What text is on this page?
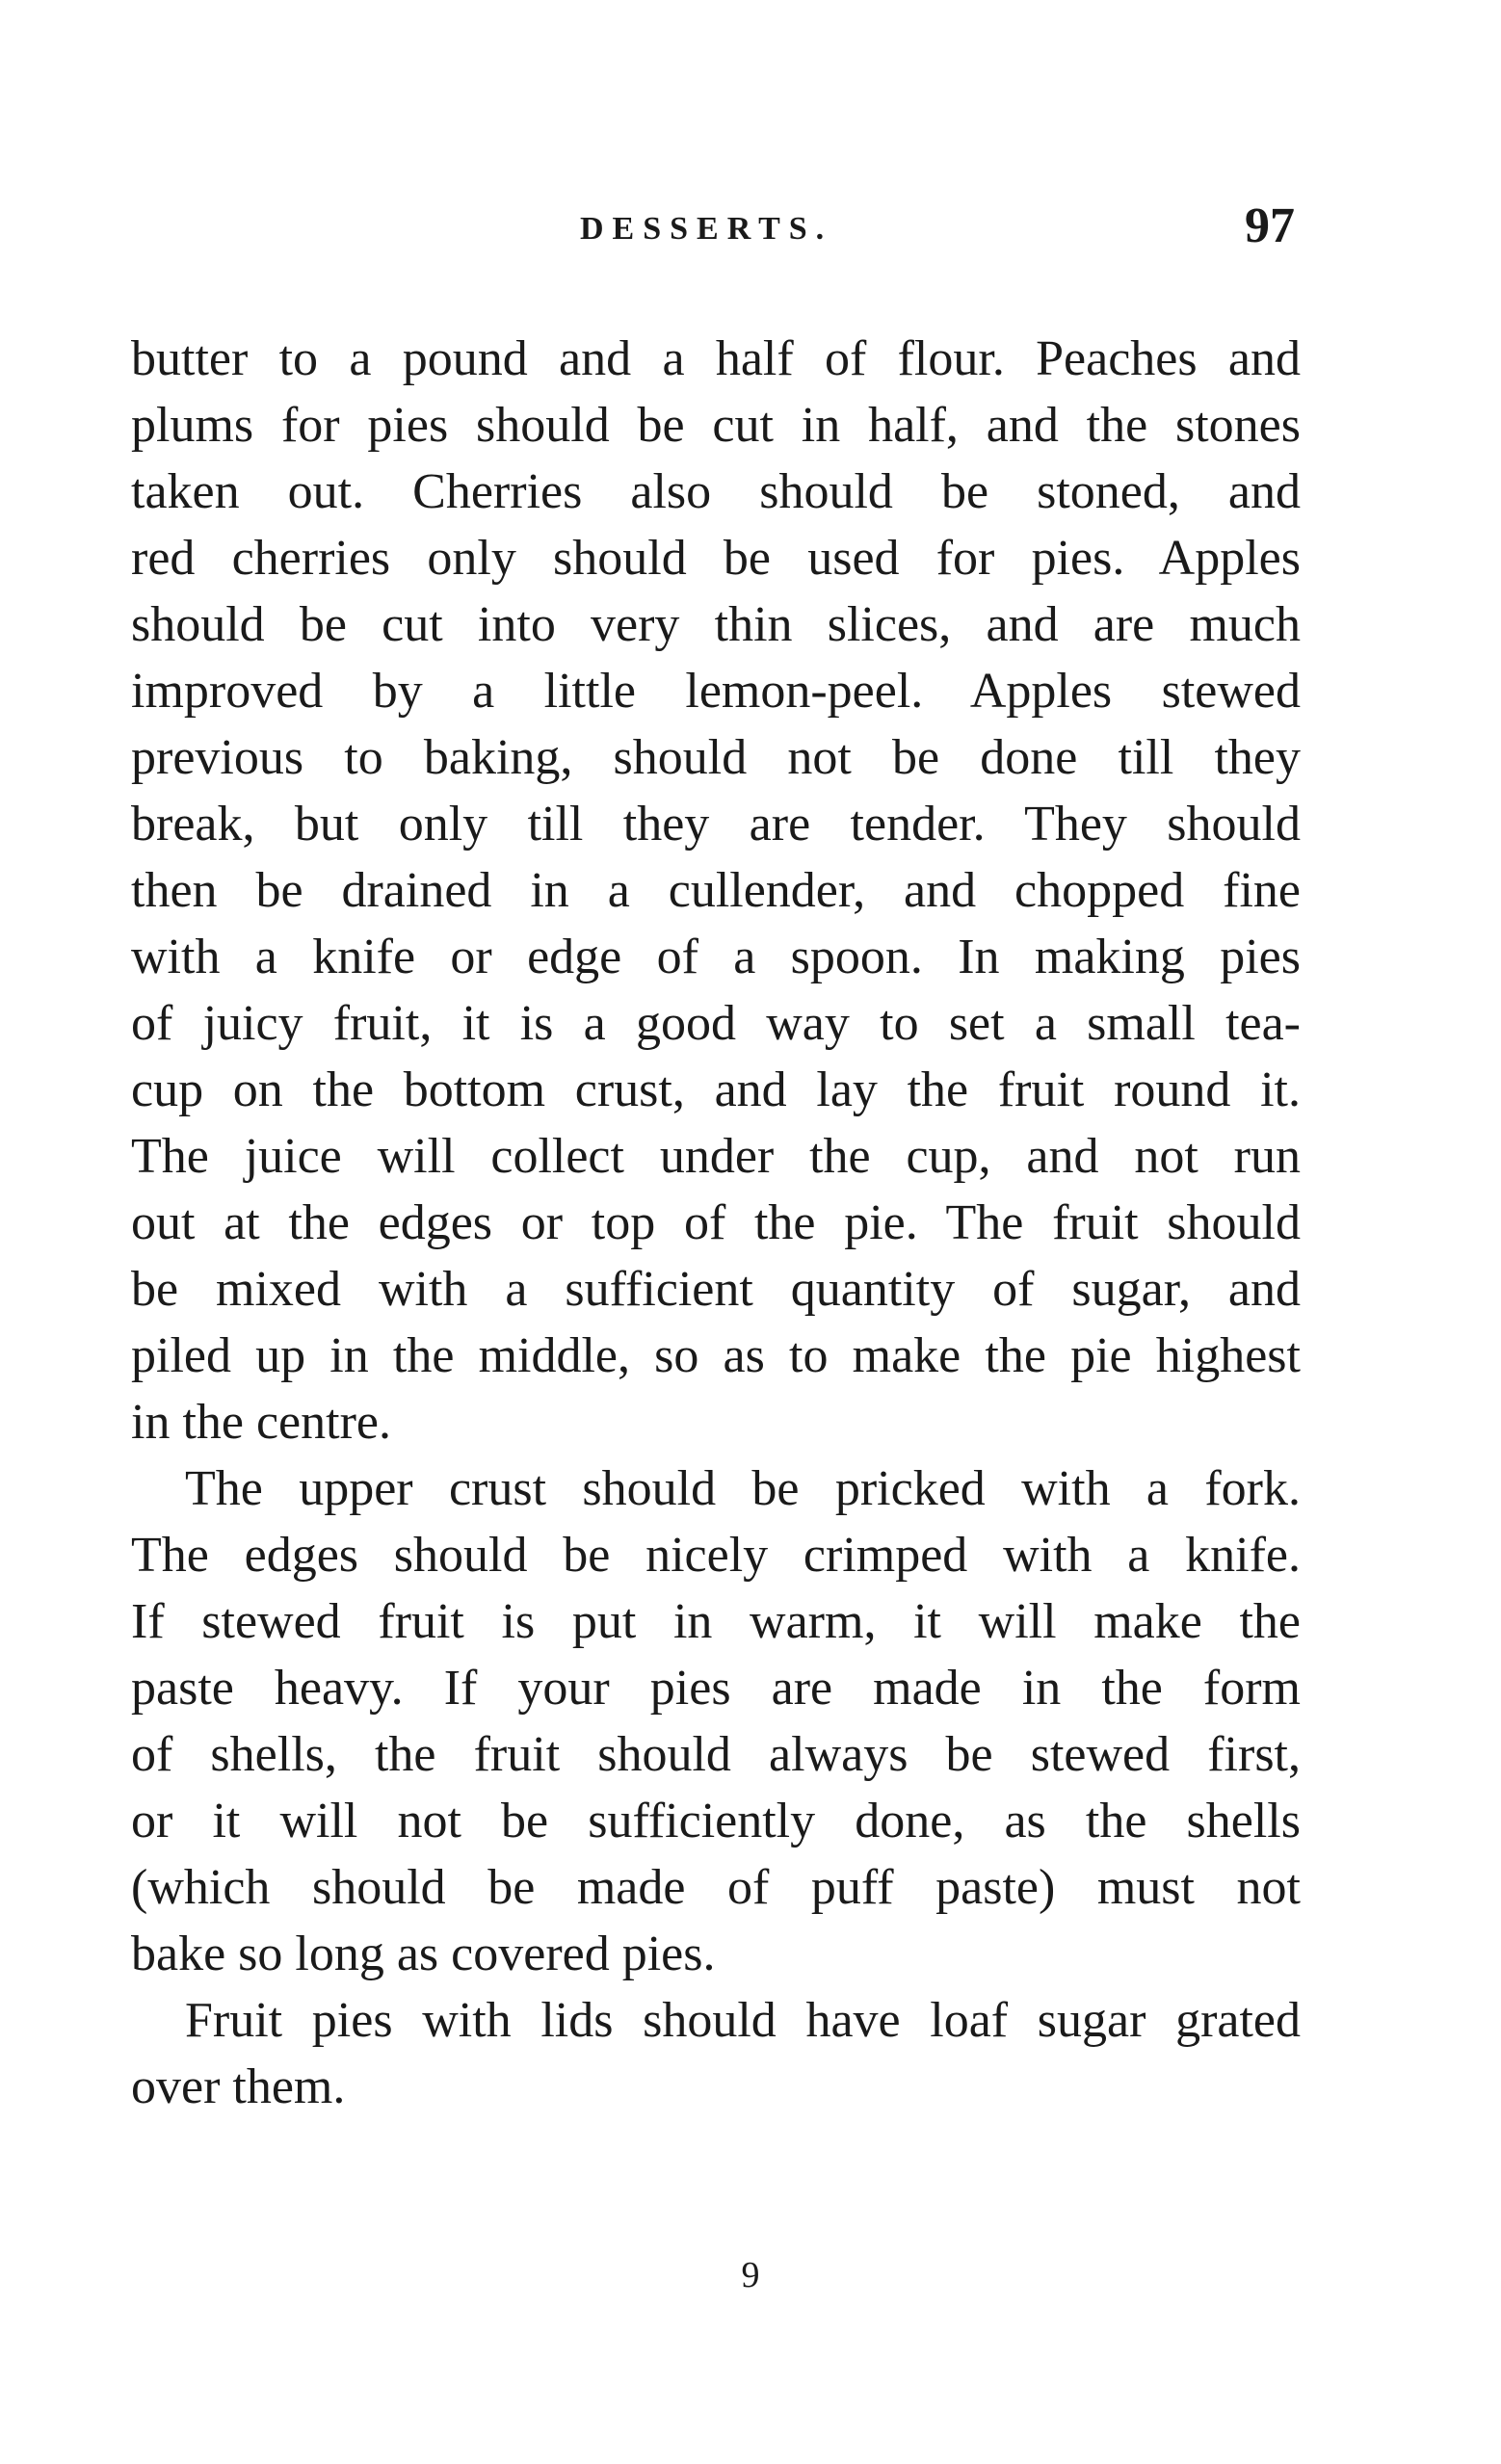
DESSERTS.	97
butter to a pound and a half of flour. Peaches and
plums for pies should be cut in half, and the stones
taken out. Cherries also should be stoned, and
red cherries only should be used for pies. Apples
should be cut into very thin slices, and are much
improved by a little lemon-peel. Apples stewed
previous to baking, should not be done till they
break, but only till they are tender. They should
then be drained in a cullender, and chopped fine
with a knife or edge of a spoon. In making pies
of juicy fruit, it is a good way to set a small tea-
cup on the bottom crust, and lay the fruit round it.
The juice will collect under the cup, and not run
out at the edges or top of the pie. The fruit should
be mixed with a sufficient quantity of sugar, and
piled up in the middle, so as to make the pie highest
in the centre.
The upper crust should be pricked with a fork.
The edges should be nicely crimped with a knife.
If stewed fruit is put in warm, it will make the
paste heavy. If your pies are made in the form
of shells, the fruit should always be stewed first,
or it will not be sufficiently done, as the shells
(which should be made of puff paste) must not
bake so long as covered pies.
Fruit pies with lids should have loaf sugar grated
over them.
9
